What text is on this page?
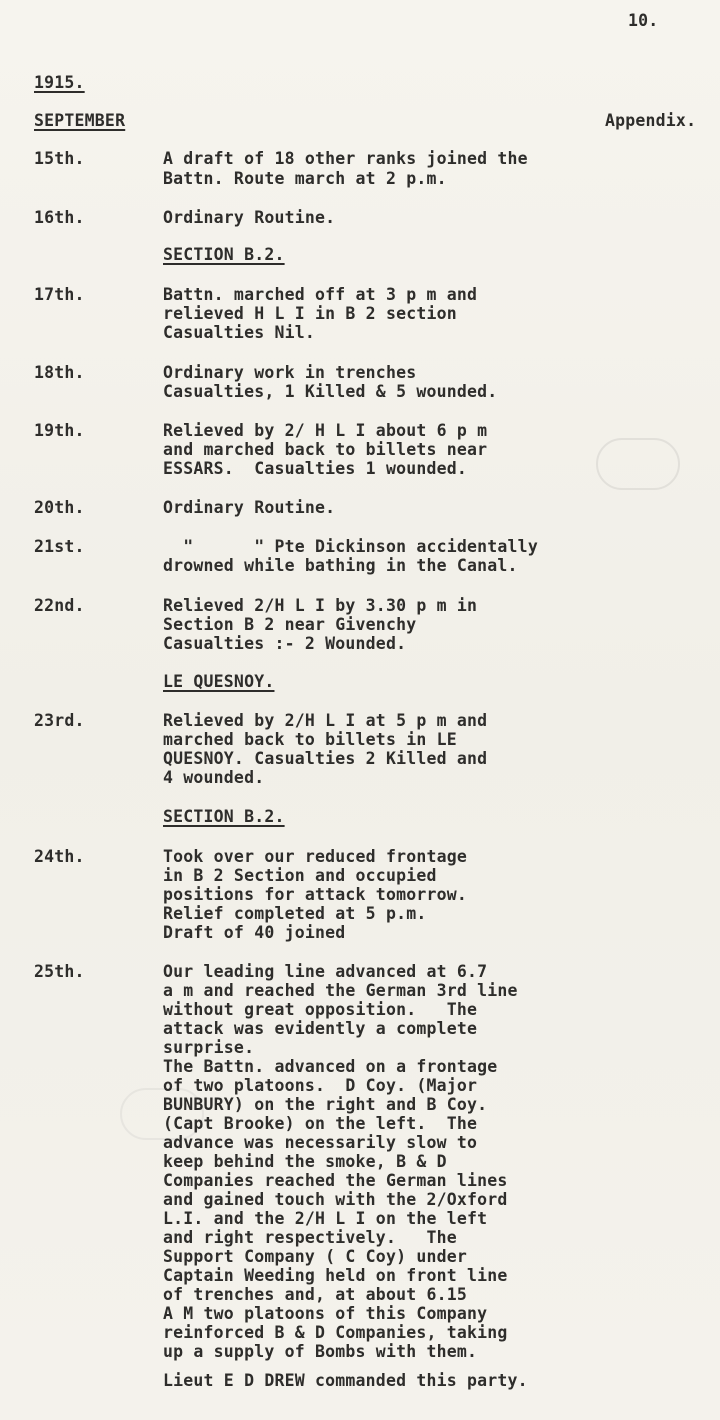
10.
1915.
SEPTEMBER	Appendix.
15th.	A draft of 18 other ranks joined the
Battn. Route march at 2 p.m.
16th.	Ordinary Routine.
SECTION B.2.
17th.	Battn. marched off at 3 p m and
relieved H L I in B 2 section
Casualties Nil.
18th.	Ordinary work in trenches
Casualties, 1 Killed & 5 wounded.
19th.	Relieved by 2/ H L I about 6 p m
and marched back to billets near
ESSARS.  Casualties 1 wounded.
20th.	Ordinary Routine.
21st.	"      " Pte Dickinson accidentally
drowned while bathing in the Canal.
22nd.	Relieved 2/H L I by 3.30 p m in
Section B 2 near Givenchy
Casualties :- 2 Wounded.
LE QUESNOY.
23rd.	Relieved by 2/H L I at 5 p m and
marched back to billets in LE
QUESNOY. Casualties 2 Killed and
4 wounded.
SECTION B.2.
24th.	Took over our reduced frontage
in B 2 Section and occupied
positions for attack tomorrow.
Relief completed at 5 p.m.
Draft of 40 joined
25th.	Our leading line advanced at 6.7
a m and reached the German 3rd line
without great opposition.   The
attack was evidently a complete
surprise.
The Battn. advanced on a frontage
of two platoons.  D Coy. (Major
BUNBURY) on the right and B Coy.
(Capt Brooke) on the left.  The
advance was necessarily slow to
keep behind the smoke, B & D
Companies reached the German lines
and gained touch with the 2/Oxford
L.I. and the 2/H L I on the left
and right respectively.   The
Support Company ( C Coy) under
Captain Weeding held on front line
of trenches and, at about 6.15
A M two platoons of this Company
reinforced B & D Companies, taking
up a supply of Bombs with them.
Lieut E D DREW commanded this party.
